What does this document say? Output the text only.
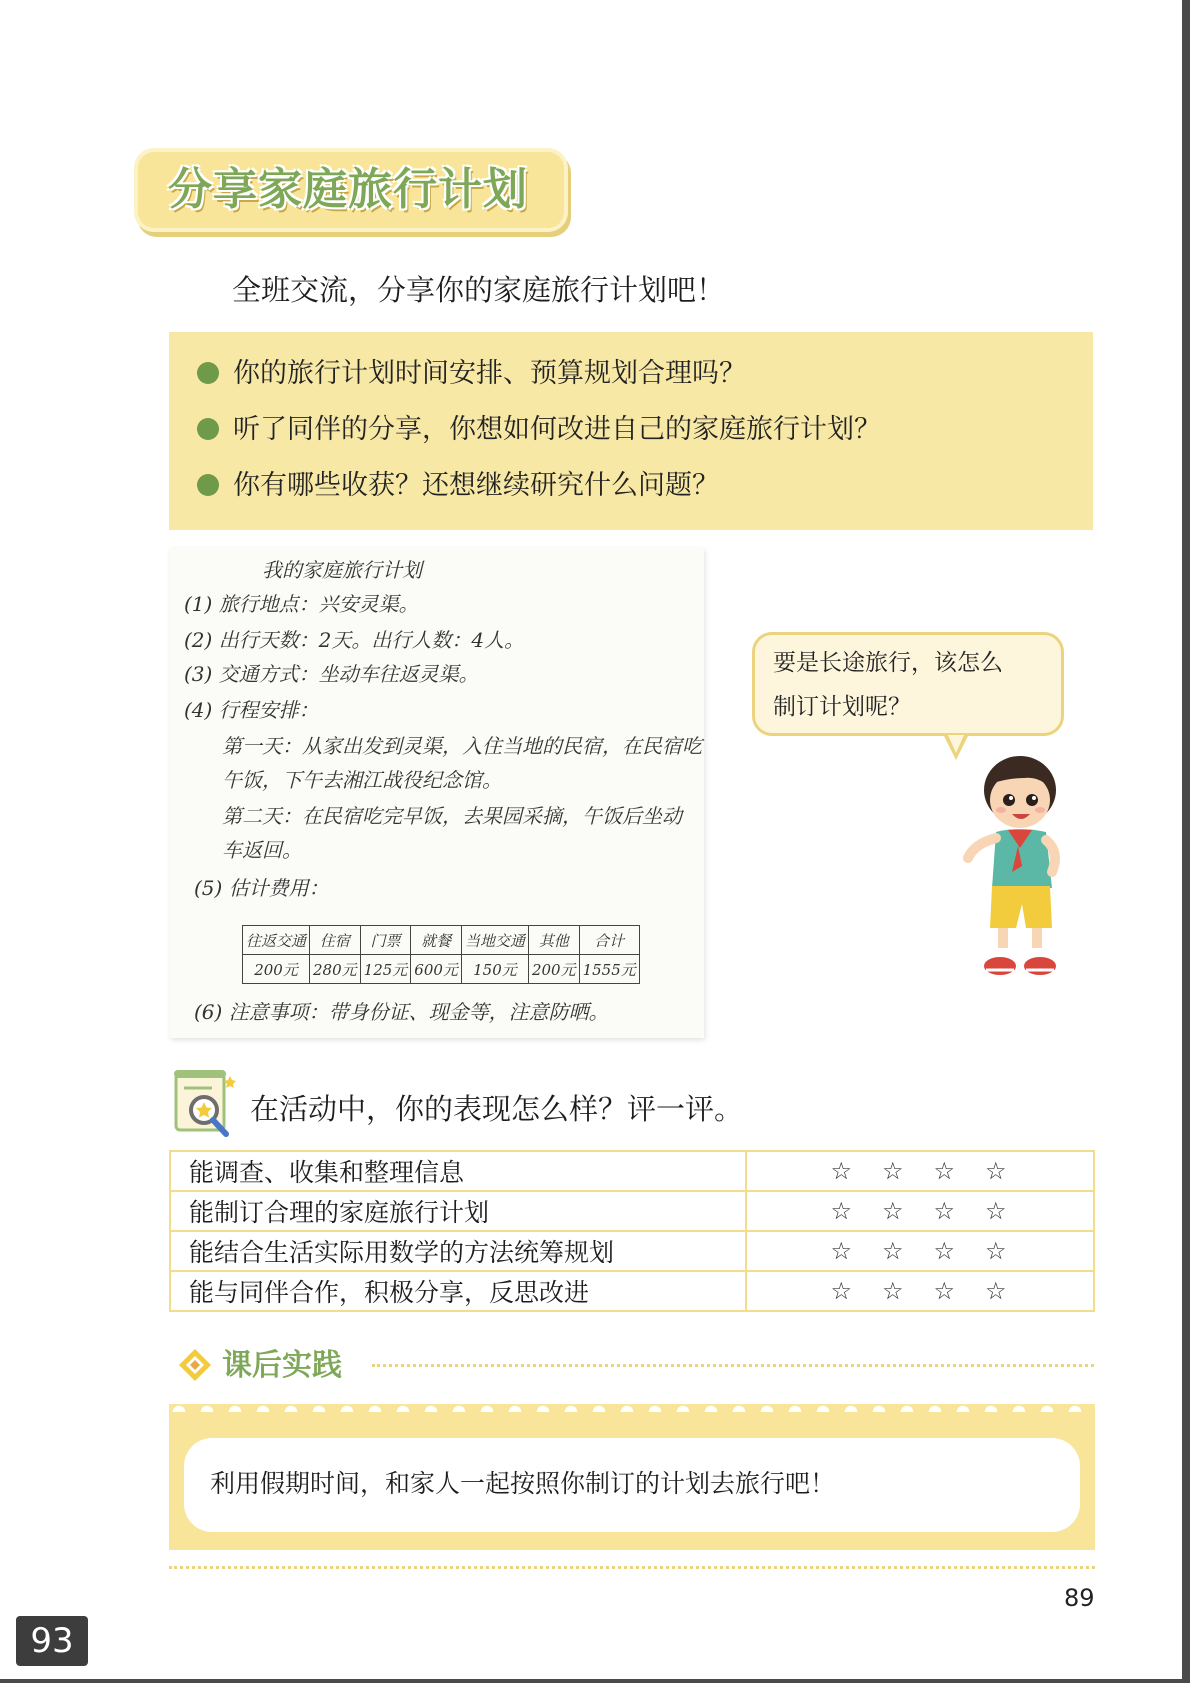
分享家庭旅行计划
全班交流，分享你的家庭旅行计划吧！
你的旅行计划时间安排、预算规划合理吗？
听了同伴的分享，你想如何改进自己的家庭旅行计划？
你有哪些收获？还想继续研究什么问题？
我的家庭旅行计划
(1) 旅行地点：兴安灵渠。
(2) 出行天数：2天。出行人数：4人。
(3) 交通方式：坐动车往返灵渠。
(4) 行程安排：
第一天：从家出发到灵渠，入住当地的民宿，在民宿吃
午饭，下午去湘江战役纪念馆。
第二天：在民宿吃完早饭，去果园采摘，午饭后坐动
车返回。
(5) 估计费用：
往返交通	住宿	门票	就餐	当地交通	其他	合计
200元	280元	125元	600元	150元	200元	1555元
(6) 注意事项：带身份证、现金等，注意防晒。
要是长途旅行，该怎么
制订计划呢？
在活动中，你的表现怎么样？评一评。
能调查、收集和整理信息	☆☆☆☆
能制订合理的家庭旅行计划	☆☆☆☆
能结合生活实际用数学的方法统筹规划	☆☆☆☆
能与同伴合作，积极分享，反思改进	☆☆☆☆
课后实践
利用假期时间，和家人一起按照你制订的计划去旅行吧！
89
93
